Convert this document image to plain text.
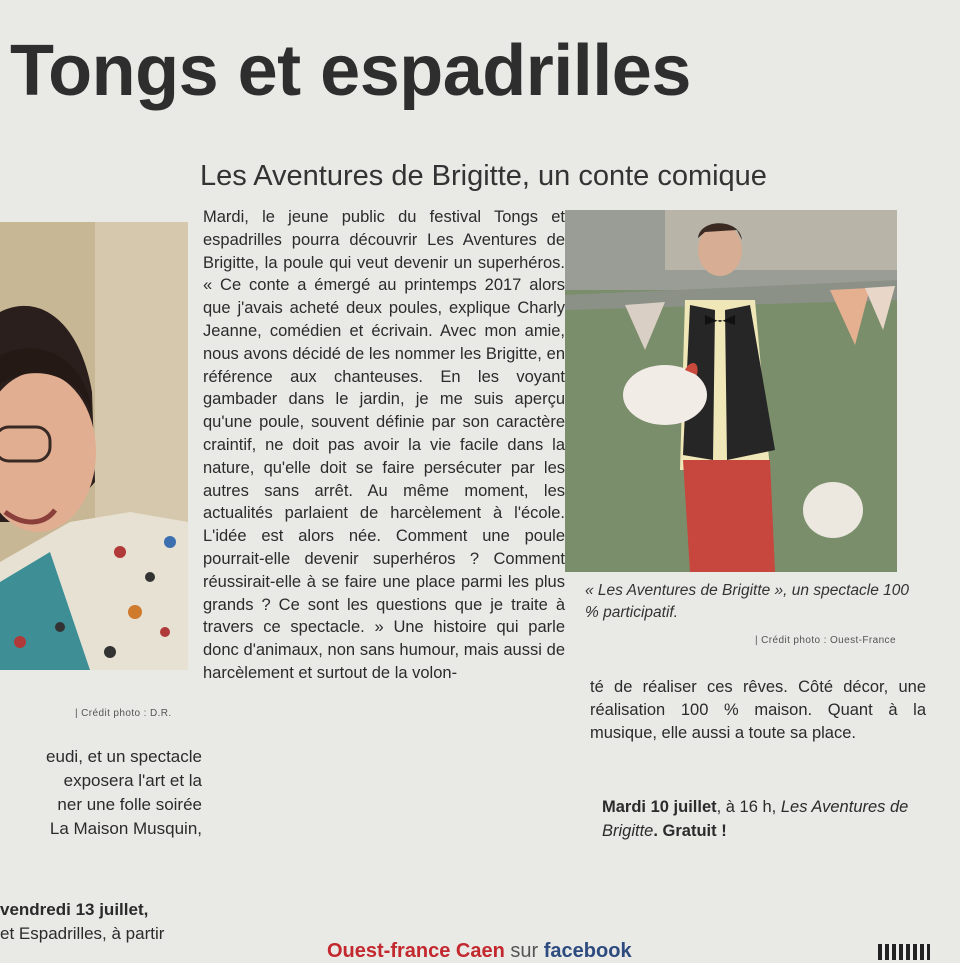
Tongs et espadrilles
Les Aventures de Brigitte, un conte comique
| Crédit photo : D.R.
« Les Aventures de Brigitte », un spectacle 100 % participatif.
| Crédit photo : Ouest-France
Mardi, le jeune public du festival Tongs et espadrilles pourra découvrir Les Aventures de Brigitte, la poule qui veut devenir un superhéros. « Ce conte a émergé au printemps 2017 alors que j'avais acheté deux poules, explique Charly Jeanne, comédien et écrivain. Avec mon amie, nous avons décidé de les nommer les Brigitte, en référence aux chanteuses. En les voyant gambader dans le jardin, je me suis aperçu qu'une poule, souvent définie par son caractère craintif, ne doit pas avoir la vie facile dans la nature, qu'elle doit se faire persécuter par les autres sans arrêt. Au même moment, les actualités parlaient de harcèlement à l'école. L'idée est alors née. Comment une poule pourrait-elle devenir superhéros ? Comment réussirait-elle à se faire une place parmi les plus grands ? Ce sont les questions que je traite à travers ce spectacle. » Une histoire qui parle donc d'animaux, non sans humour, mais aussi de harcèlement et surtout de la volon-
té de réaliser ces rêves. Côté décor, une réalisation 100 % maison. Quant à la musique, elle aussi a toute sa place.
Mardi 10 juillet, à 16 h, Les Aventures de Brigitte. Gratuit !
eudi, et un spectacle
exposera l'art et la
ner une folle soirée
La Maison Musquin,
vendredi 13 juillet,
et Espadrilles, à partir
Ouest-france Caen sur facebook
